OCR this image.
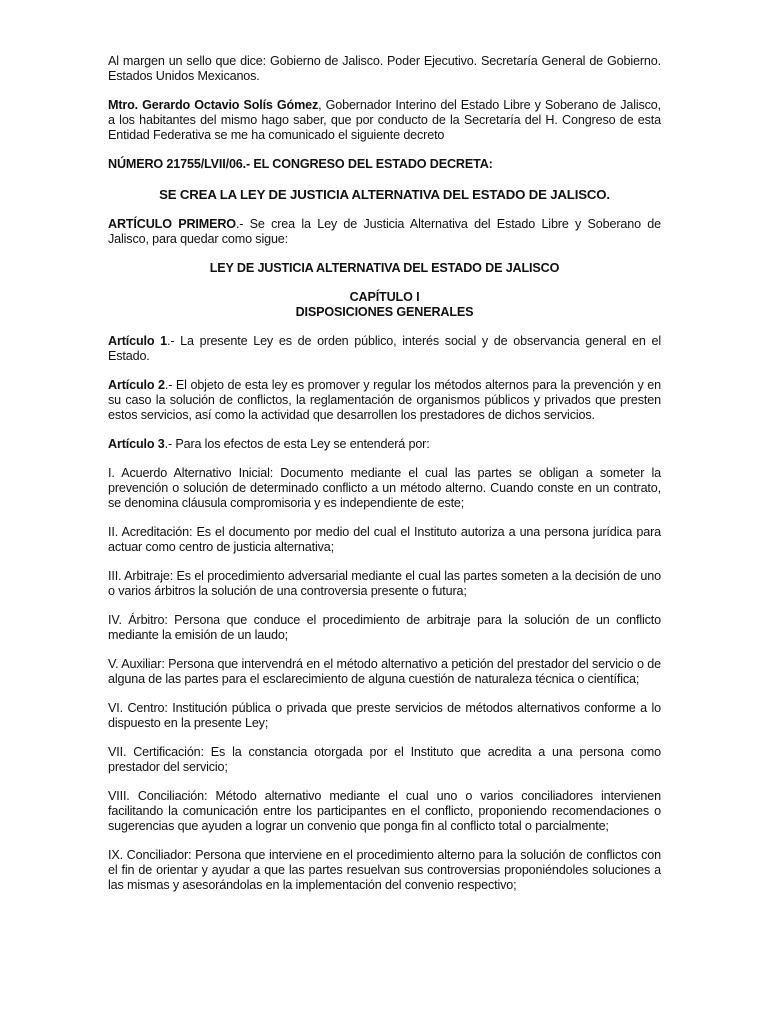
Al margen un sello que dice: Gobierno de Jalisco. Poder Ejecutivo. Secretaría General de Gobierno. Estados Unidos Mexicanos.

Mtro. Gerardo Octavio Solís Gómez, Gobernador Interino del Estado Libre y Soberano de Jalisco, a los habitantes del mismo hago saber, que por conducto de la Secretaría del H. Congreso de esta Entidad Federativa se me ha comunicado el siguiente decreto

NÚMERO 21755/LVII/06.- EL CONGRESO DEL ESTADO DECRETA:

SE CREA LA LEY DE JUSTICIA ALTERNATIVA DEL ESTADO DE JALISCO.

ARTÍCULO PRIMERO.- Se crea la Ley de Justicia Alternativa del Estado Libre y Soberano de Jalisco, para quedar como sigue:

LEY DE JUSTICIA ALTERNATIVA DEL ESTADO DE JALISCO

CAPÍTULO I
DISPOSICIONES GENERALES

Artículo 1.- La presente Ley es de orden público, interés social y de observancia general en el Estado.

Artículo 2.- El objeto de esta ley es promover y regular los métodos alternos para la prevención y en su caso la solución de conflictos, la reglamentación de organismos públicos y privados que presten estos servicios, así como la actividad que desarrollen los prestadores de dichos servicios.

Artículo 3.- Para los efectos de esta Ley se entenderá por:

I. Acuerdo Alternativo Inicial: Documento mediante el cual las partes se obligan a someter la prevención o solución de determinado conflicto a un método alterno. Cuando conste en un contrato, se denomina cláusula compromisoria y es independiente de este;

II. Acreditación: Es el documento por medio del cual el Instituto autoriza a una persona jurídica para actuar como centro de justicia alternativa;

III. Arbitraje: Es el procedimiento adversarial mediante el cual las partes someten a la decisión de uno o varios árbitros la solución de una controversia presente o futura;

IV. Árbitro: Persona que conduce el procedimiento de arbitraje para la solución de un conflicto mediante la emisión de un laudo;

V. Auxiliar: Persona que intervendrá en el método alternativo a petición del prestador del servicio o de alguna de las partes para el esclarecimiento de alguna cuestión de naturaleza técnica o científica;

VI. Centro: Institución pública o privada que preste servicios de métodos alternativos conforme a lo dispuesto en la presente Ley;

VII. Certificación: Es la constancia otorgada por el Instituto que acredita a una persona como prestador del servicio;

VIII. Conciliación: Método alternativo mediante el cual uno o varios conciliadores intervienen facilitando la comunicación entre los participantes en el conflicto, proponiendo recomendaciones o sugerencias que ayuden a lograr un convenio que ponga fin al conflicto total o parcialmente;

IX. Conciliador: Persona que interviene en el procedimiento alterno para la solución de conflictos con el fin de orientar y ayudar a que las partes resuelvan sus controversias proponiéndoles soluciones a las mismas y asesorándolas en la implementación del convenio respectivo;
